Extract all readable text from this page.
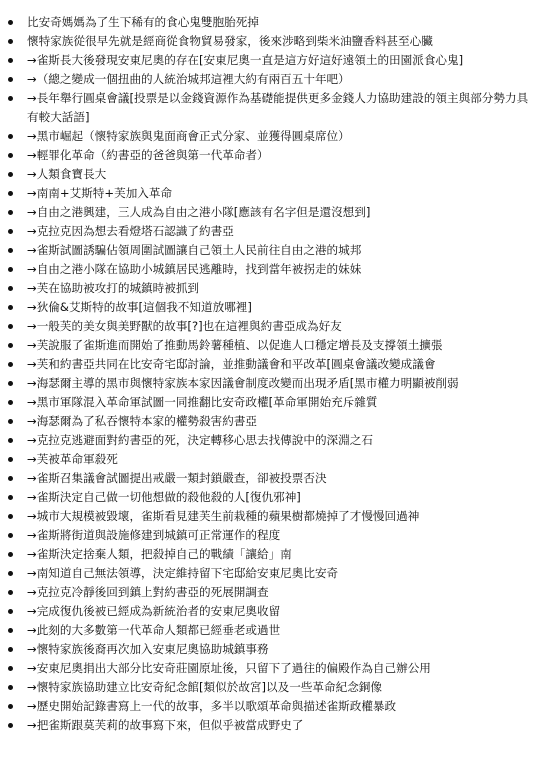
比安奇媽媽為了生下稀有的食心鬼雙胞胎死掉
懷特家族從很早先就是經商從食物貿易發家，後來涉略到柴米油鹽香料甚至心臟
→雀斯長大後發現安東尼奧的存在[安東尼奧一直是這方好這好遠領土的田園派食心鬼]
→（總之變成一個扭曲的人統治城邦這裡大約有兩百五十年吧）
→長年舉行圓桌會議[投票是以金錢資源作為基礎能提供更多金錢人力協助建設的領主與部分勢力具有較大話語]
→黑市崛起（懷特家族與鬼面商會正式分家、並獲得圓桌席位）
→輕罪化革命（約書亞的爸爸與第一代革命者）
→人類食寶長大
→南南+艾斯特+芙加入革命
→自由之港興建，三人成為自由之港小隊[應該有名字但是還沒想到]
→克拉克因為想去看燈塔石認識了約書亞
→雀斯試圖誘騙佔領周圍試圖讓自己領土人民前往自由之港的城邦
→自由之港小隊在協助小城鎮居民逃離時，找到當年被拐走的妹妹
→芙在協助被攻打的城鎮時被抓到
→狄倫&艾斯特的故事[這個我不知道放哪裡]
→一般芙的美女與美野獸的故事[?]也在這裡與約書亞成為好友
→芙說服了雀斯進而開始了推動馬鈴薯種植、以促進人口穩定增長及支撐領土擴張
→芙和約書亞共同在比安奇宅邸討論，並推動議會和平改革[圓桌會議改變成議會
→海瑟爾主導的黑市與懷特家族本家因議會制度改變而出現矛盾[黑市權力明顯被削弱
→黑市軍隊混入革命軍試圖一同推翻比安奇政權[革命軍開始充斥雜質
→海瑟爾為了私吞懷特本家的權勢殺害約書亞
→克拉克逃避面對約書亞的死，決定轉移心思去找傳說中的深淵之石
→芙被革命軍殺死
→雀斯召集議會試圖提出戒嚴一類封鎖嚴查，卻被投票否決
→雀斯決定自己做一切他想做的殺他殺的人[復仇邪神]
→城市大規模被毀壞，雀斯看見建芙生前栽種的蘋果樹都燒掉了才慢慢回過神
→雀斯將街道與設施修建到城鎮可正常運作的程度
→雀斯決定捨棄人類，把殺掉自己的戰績「讓給」南
→南知道自己無法領導，決定維持留下宅邸給安東尼奧比安奇
→克拉克冷靜後回到鎮上對約書亞的死展開調查
→完成復仇後被已經成為新統治者的安東尼奧收留
→此刻的大多數第一代革命人類都已經垂老或過世
→懷特家族後裔再次加入安東尼奧協助城鎮事務
→安東尼奧捐出大部分比安奇莊園原址後，只留下了過往的偏殿作為自己辦公用
→懷特家族協助建立比安奇紀念館[類似於故宮]以及一些革命紀念銅像
→歷史開始記錄書寫上一代的故事，多半以歌頌革命與描述雀斯政權暴政
→把雀斯跟莫芙莉的故事寫下來，但似乎被當成野史了
